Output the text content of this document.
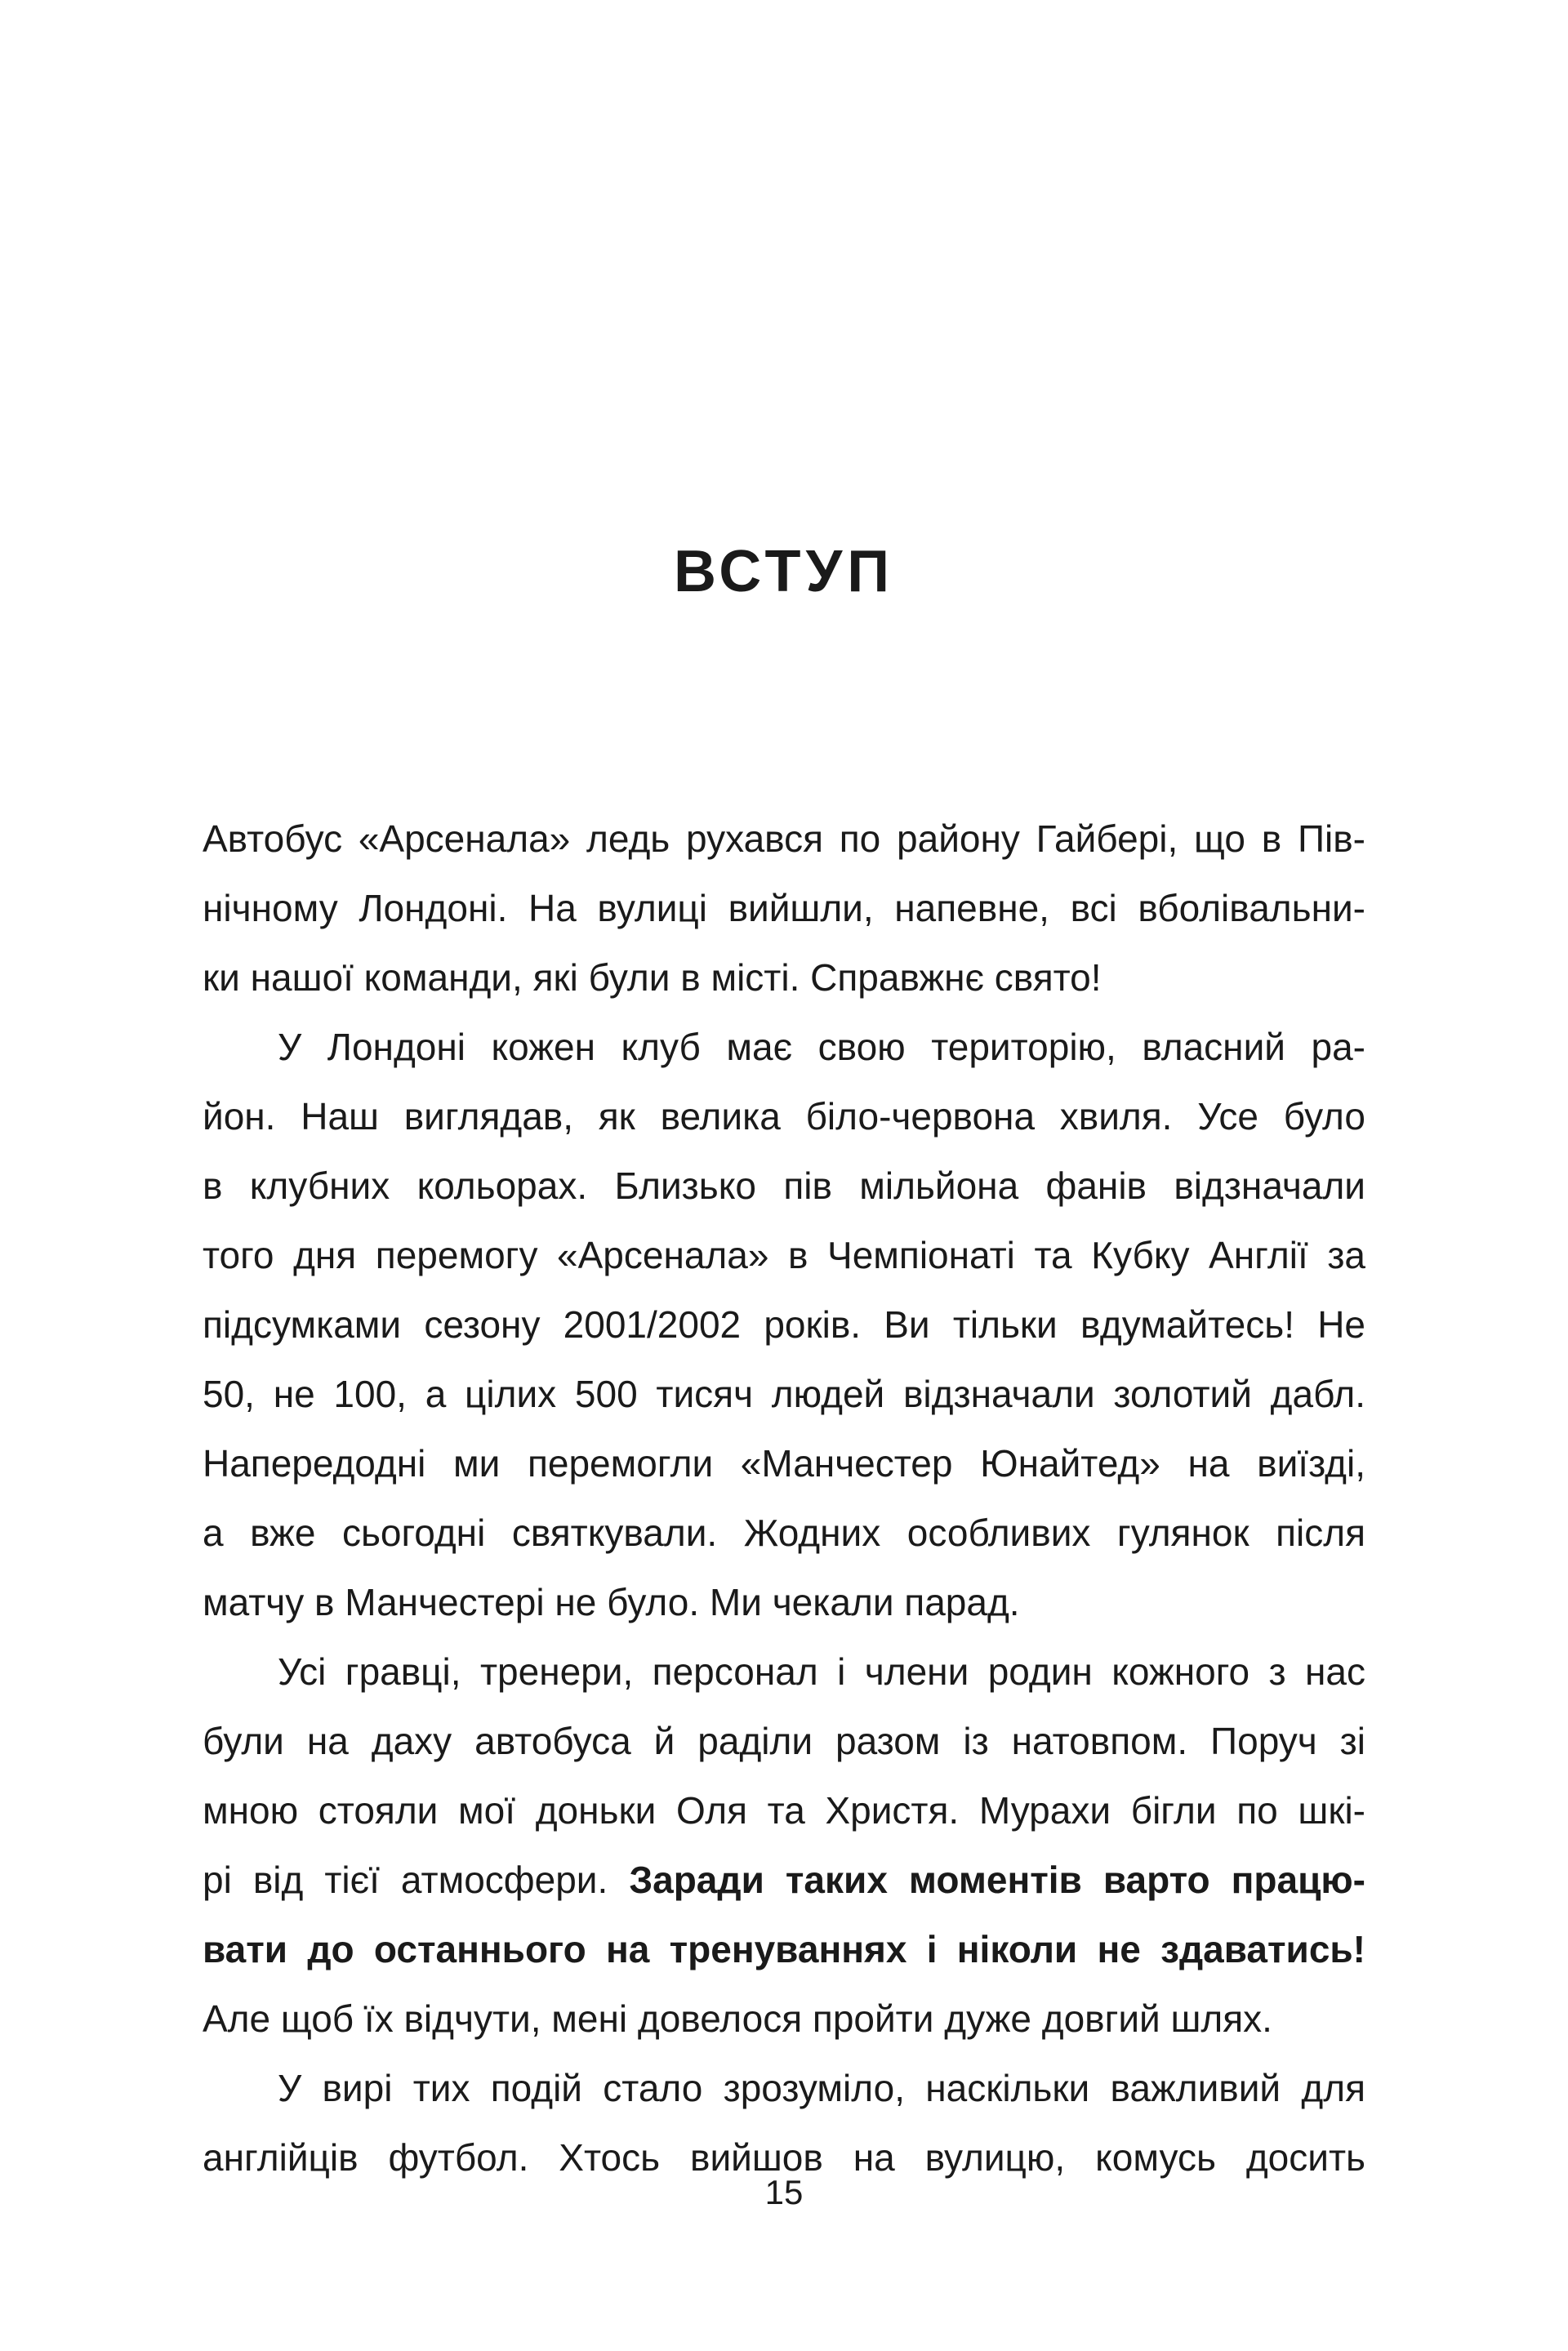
ВСТУП
Автобус «Арсенала» ледь рухався по району Гайбері, що в Пів-
нічному Лондоні. На вулиці вийшли, напевне, всі вболівальни-
ки нашої команди, які були в місті. Справжнє свято!
У Лондоні кожен клуб має свою територію, власний ра-
йон. Наш виглядав, як велика біло-червона хвиля. Усе було
в клубних кольорах. Близько пів мільйона фанів відзначали
того дня перемогу «Арсенала» в Чемпіонаті та Кубку Англії за
підсумками сезону 2001/2002 років. Ви тільки вдумайтесь! Не
50, не 100, а цілих 500 тисяч людей відзначали золотий дабл.
Напередодні ми перемогли «Манчестер Юнайтед» на виїзді,
а вже сьогодні святкували. Жодних особливих гулянок після
матчу в Манчестері не було. Ми чекали парад.
Усі гравці, тренери, персонал і члени родин кожного з нас
були на даху автобуса й раділи разом із натовпом. Поруч зі
мною стояли мої доньки Оля та Христя. Мурахи бігли по шкі-
рі від тієї атмосфери. Заради таких моментів варто працю-
вати до останнього на тренуваннях і ніколи не здаватись!
Але щоб їх відчути, мені довелося пройти дуже довгий шлях.
У вирі тих подій стало зрозуміло, наскільки важливий для
англійців футбол. Хтось вийшов на вулицю, комусь досить
15
